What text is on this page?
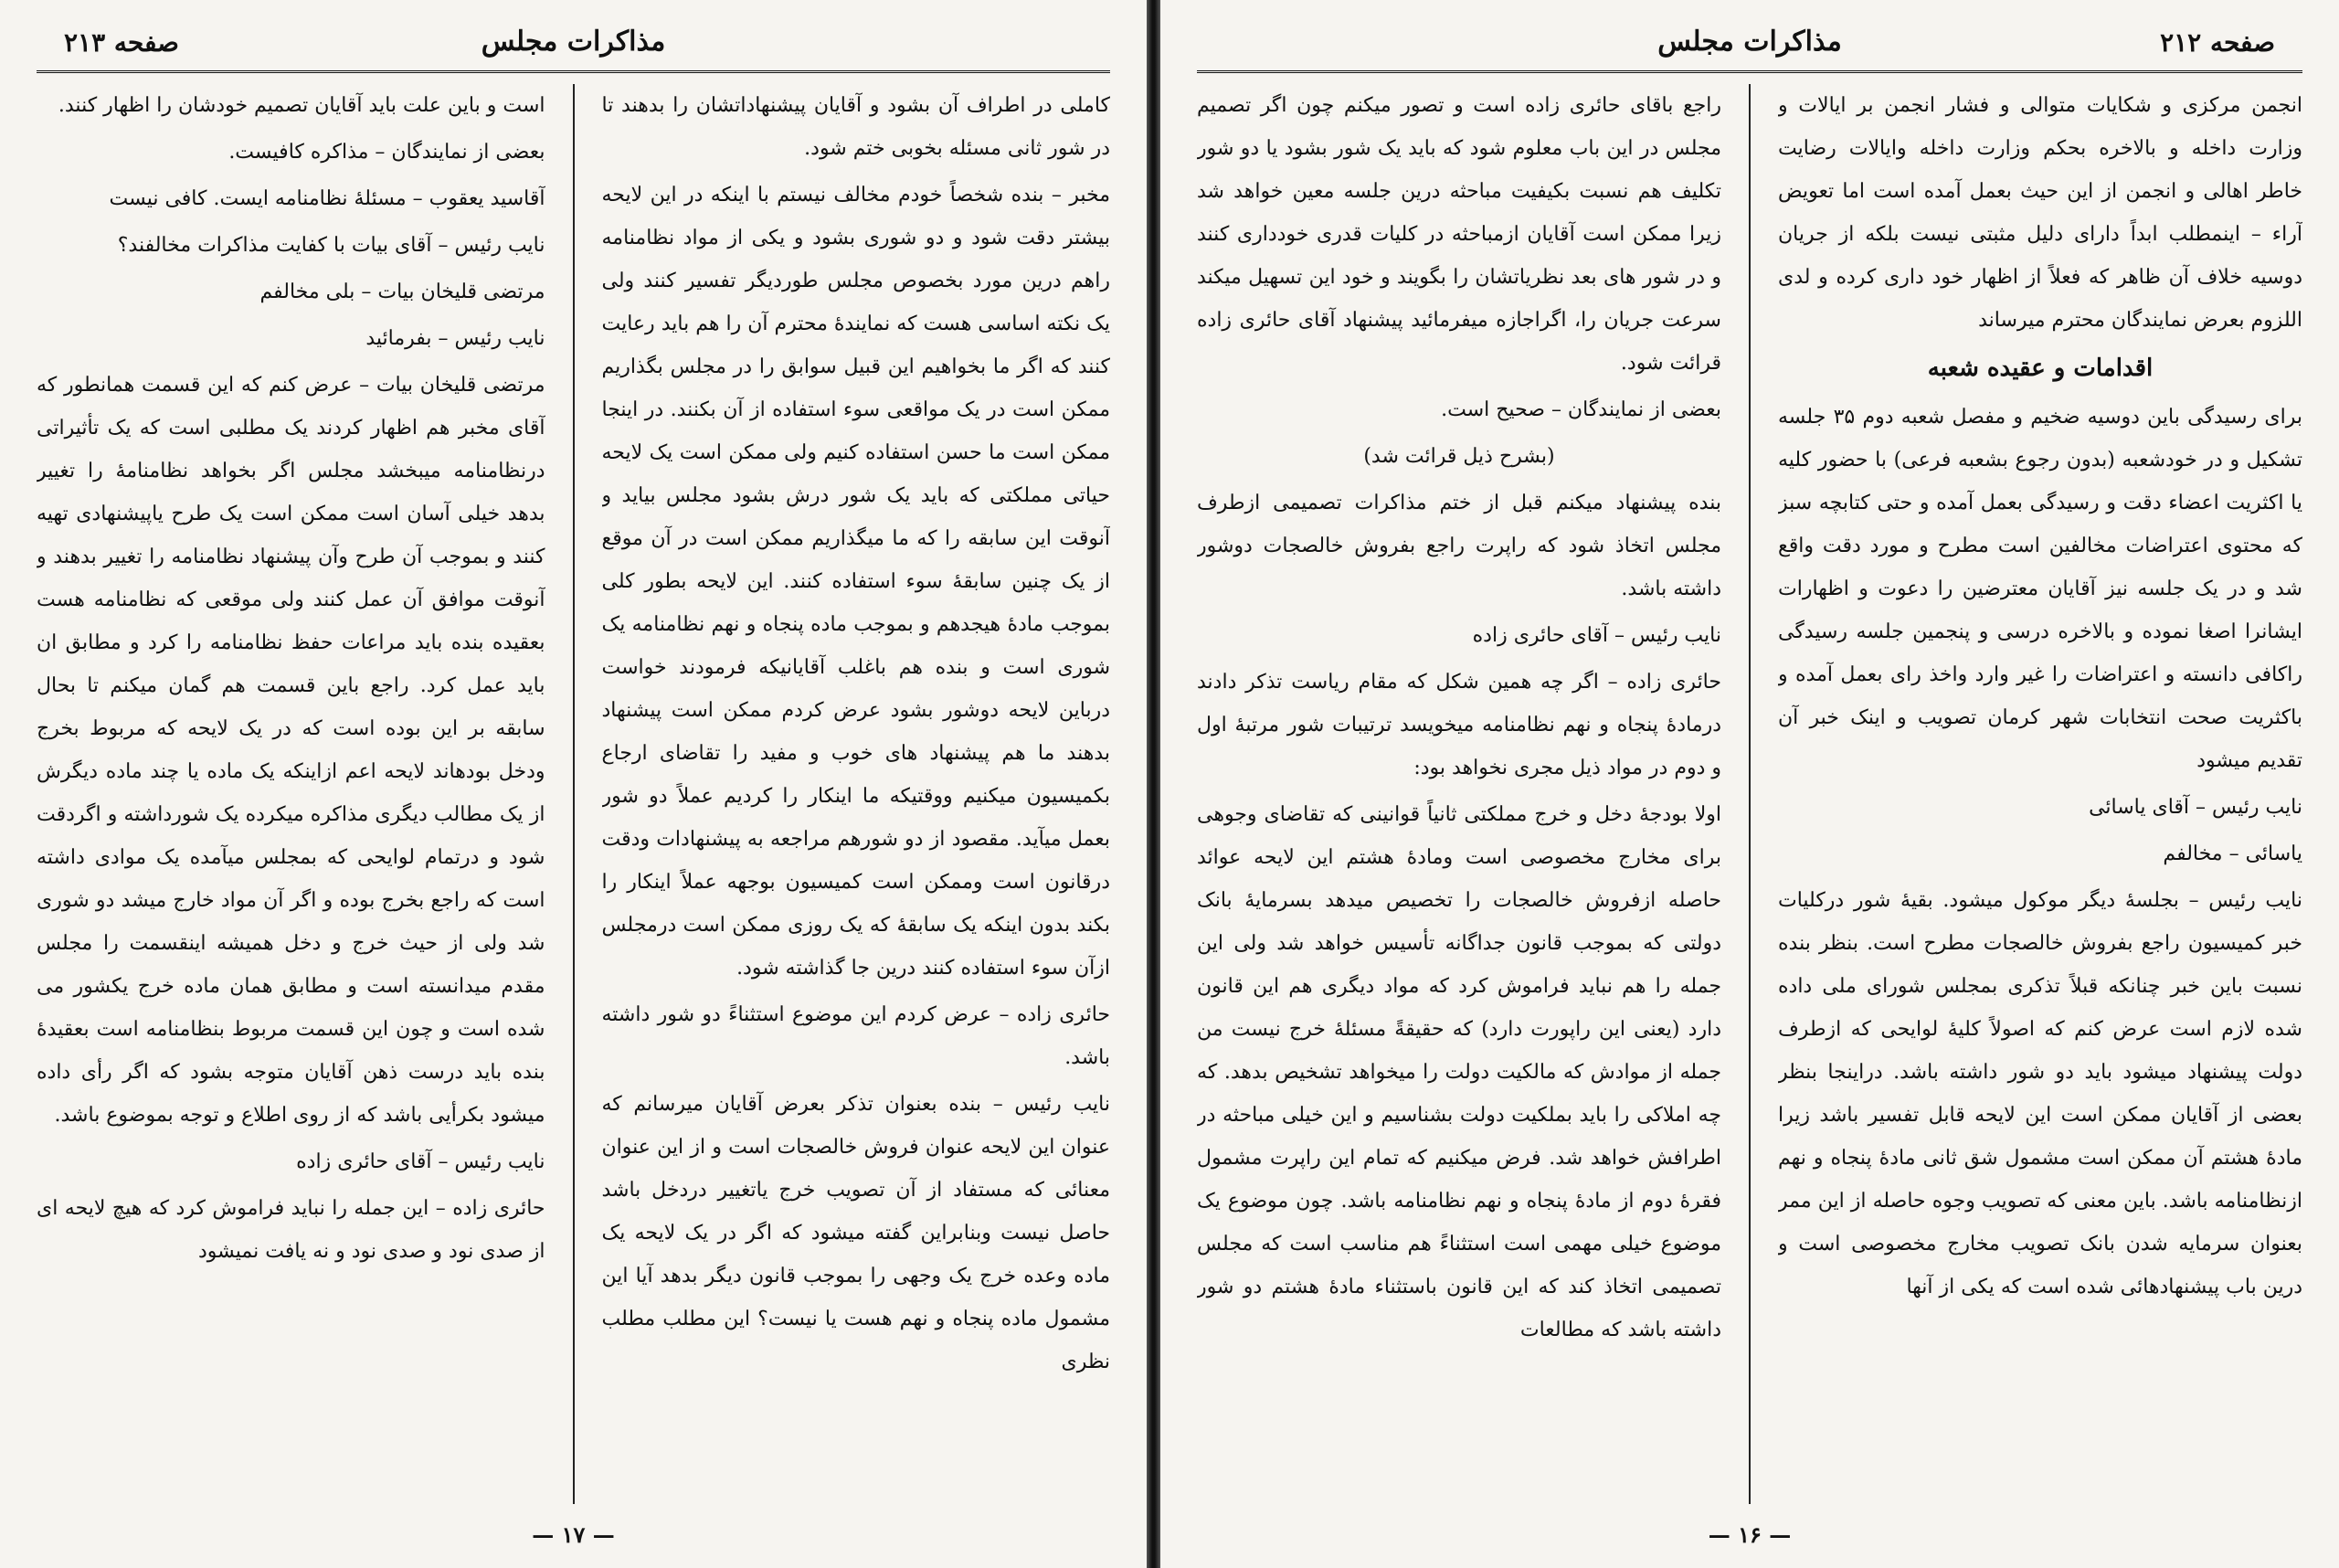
مذاکرات مجلس
صفحه ۲۱۳
کاملی در اطراف آن بشود و آقایان پیشنهاداتشان را بدهند تا در شور ثانی مسئله بخوبی ختم شود.
مخبر – بنده شخصاً خودم مخالف نیستم با اینکه در این لایحه بیشتر دقت شود و دو شوری بشود و یکی از مواد نظامنامه راهم درین مورد بخصوص مجلس طوردیگر تفسیر کنند ولی یک نکته اساسی هست که نمایندهٔ محترم آن را هم باید رعایت کنند که اگر ما بخواهیم این قبیل سوابق را در مجلس بگذاریم ممکن است در یک مواقعی سوء استفاده از آن بکنند. در اینجا ممکن است ما حسن استفاده کنیم ولی ممکن است یک لایحه حیاتی مملکتی که باید یک شور درش بشود مجلس بیاید و آنوقت این سابقه را که ما میگذاریم ممکن است در آن موقع از یک چنین سابقهٔ سوء استفاده کنند. این لایحه بطور کلی بموجب مادهٔ هیجدهم و بموجب ماده پنجاه و نهم نظامنامه یک شوری است و بنده هم باغلب آقایانیکه فرمودند خواست درباین لایحه دوشور بشود عرض کردم ممکن است پیشنهاد بدهند ما هم پیشنهاد های خوب و مفید را تقاضای ارجاع بکمیسیون میکنیم ووقتیکه ما اینکار را کردیم عملاً دو شور بعمل میآید. مقصود از دو شورهم مراجعه به پیشنهادات ودقت درقانون است وممکن است کمیسیون بوجهه عملاً اینکار را بکند بدون اینکه یک سابقهٔ که یک روزی ممکن است درمجلس ازآن سوء استفاده کنند درین جا گذاشته شود.
حائری زاده – عرض کردم این موضوع استثناءً دو شور داشته باشد.
نایب رئیس – بنده بعنوان تذکر بعرض آقایان میرسانم که عنوان این لایحه عنوان فروش خالصجات است و از این عنوان معنائی که مستفاد از آن تصویب خرج یاتغییر دردخل باشد حاصل نیست وبنابراین گفته میشود که اگر در یک لایحه یک ماده وعده خرج یک وجهی را بموجب قانون دیگر بدهد آیا این مشمول ماده پنجاه و نهم هست یا نیست؟ این مطلب مطلب نظری
است و باین علت باید آقایان تصمیم خودشان را اظهار کنند.
بعضی از نمایندگان – مذاکره کافیست.
آقاسید یعقوب – مسئلهٔ نظامنامه ایست. کافی نیست
نایب رئیس – آقای بیات با کفایت مذاکرات مخالفند؟
مرتضی قلیخان بیات – بلی مخالفم
نایب رئیس – بفرمائید
مرتضی قلیخان بیات – عرض کنم که این قسمت همانطور که آقای مخبر هم اظهار کردند یک مطلبی است که یک تأثیراتی درنظامنامه میبخشد مجلس اگر بخواهد نظامنامهٔ را تغییر بدهد خیلی آسان است ممکن است یک طرح یاپیشنهادی تهیه کنند و بموجب آن طرح وآن پیشنهاد نظامنامه را تغییر بدهند و آنوقت موافق آن عمل کنند ولی موقعی که نظامنامه هست بعقیده بنده باید مراعات حفظ نظامنامه را کرد و مطابق ان باید عمل کرد. راجع باین قسمت هم گمان میکنم تا بحال سابقه بر این بوده است که در یک لایحه که مربوط بخرج ودخل بودهاند لایحه اعم ازاینکه یک ماده یا چند ماده دیگرش از یک مطالب دیگری مذاکره میکرده یک شورداشته و اگردقت شود و درتمام لوایحی که بمجلس میآمده یک موادی داشته است که راجع بخرج بوده و اگر آن مواد خارج میشد دو شوری شد ولی از حیث خرج و دخل همیشه اینقسمت را مجلس مقدم میدانسته است و مطابق همان ماده خرج یکشور می شده است و چون این قسمت مربوط بنظامنامه است بعقیدهٔ بنده باید درست ذهن آقایان متوجه بشود که اگر رأی داده میشود بکرأیی باشد که از روی اطلاع و توجه بموضوع باشد.
نایب رئیس – آقای حائری زاده
حائری زاده – این جمله را نباید فراموش کرد که هیچ لایحه ای از صدی نود و صدی نود و نه یافت نمیشود
— ۱۷ —
مذاکرات مجلس	صفحه ۲۱۲
انجمن مرکزی و شکایات متوالی و فشار انجمن بر ایالات و وزارت داخله و بالاخره بحکم وزارت داخله وایالات رضایت خاطر اهالی و انجمن از این حیث بعمل آمده است اما تعویض آراء – اینمطلب ابداً دارای دلیل مثبتی نیست بلکه از جریان دوسیه خلاف آن ظاهر که فعلاً از اظهار خود داری کرده و لدی اللزوم بعرض نمایندگان محترم میرساند
اقدامات و عقیده شعبه
برای رسیدگی باین دوسیه ضخیم و مفصل شعبه دوم ۳۵ جلسه تشکیل و در خودشعبه (بدون رجوع بشعبه فرعی) با حضور کلیه یا اکثریت اعضاء دقت و رسیدگی بعمل آمده و حتی کتابچه سبز که محتوی اعتراضات مخالفین است مطرح و مورد دقت واقع شد و در یک جلسه نیز آقایان معترضین را دعوت و اظهارات ایشانرا اصغا نموده و بالاخره درسی و پنجمین جلسه رسیدگی راکافی دانسته و اعتراضات را غیر وارد واخذ رای بعمل آمده و باکثریت صحت انتخابات شهر کرمان تصویب و اینک خبر آن تقدیم میشود
نایب رئیس – آقای یاسائی
یاسائی – مخالفم
نایب رئیس – بجلسهٔ دیگر موکول میشود. بقیهٔ شور درکلیات خبر کمیسیون راجع بفروش خالصجات مطرح است. بنظر بنده نسبت باین خبر چنانکه قبلاً تذکری بمجلس شورای ملی داده شده لازم است عرض کنم که اصولاً کلیهٔ لوایحی که ازطرف دولت پیشنهاد میشود باید دو شور داشته باشد. دراینجا بنظر بعضی از آقایان ممکن است این لایحه قابل تفسیر باشد زیرا مادهٔ هشتم آن ممکن است مشمول شق ثانی مادهٔ پنجاه و نهم ازنظامنامه باشد. باین معنی که تصویب وجوه حاصله از این ممر بعنوان سرمایه شدن بانک تصویب مخارج مخصوصی است و درین باب پیشنهادهائی شده است که یکی از آنها
راجع باقای حائری زاده است و تصور میکنم چون اگر تصمیم مجلس در این باب معلوم شود که باید یک شور بشود یا دو شور تکلیف هم نسبت بکیفیت مباحثه درین جلسه معین خواهد شد زیرا ممکن است آقایان ازمباحثه در کلیات قدری خودداری کنند و در شور های بعد نظریاتشان را بگویند و خود این تسهیل میکند سرعت جریان را، اگراجازه میفرمائید پیشنهاد آقای حائری زاده قرائت شود.
بعضی از نمایندگان – صحیح است.
(بشرح ذیل قرائت شد)
بنده پیشنهاد میکنم قبل از ختم مذاکرات تصمیمی ازطرف مجلس اتخاذ شود که راپرت راجع بفروش خالصجات دوشور داشته باشد.
نایب رئیس – آقای حائری زاده
حائری زاده – اگر چه همین شکل که مقام ریاست تذکر دادند درمادهٔ پنجاه و نهم نظامنامه میخویسد ترتیبات شور مرتبهٔ اول و دوم در مواد ذیل مجری نخواهد بود:
اولا بودجهٔ دخل و خرج مملکتی ثانیاً قوانینی که تقاضای وجوهی برای مخارج مخصوصی است ومادهٔ هشتم این لایحه عوائد حاصله ازفروش خالصجات را تخصیص میدهد بسرمایهٔ بانک دولتی که بموجب قانون جداگانه تأسیس خواهد شد ولی این جمله را هم نباید فراموش کرد که مواد دیگری هم این قانون دارد (یعنی این راپورت دارد) که حقیقةً مسئلهٔ خرج نیست من جمله از موادش که مالکیت دولت را میخواهد تشخیص بدهد. که چه املاکی را باید بملکیت دولت بشناسیم و این خیلی مباحثه در اطرافش خواهد شد. فرض میکنیم که تمام این راپرت مشمول فقرهٔ دوم از مادهٔ پنجاه و نهم نظامنامه باشد. چون موضوع یک موضوع خیلی مهمی است استثناءً هم مناسب است که مجلس تصمیمی اتخاذ کند که این قانون باستثناء مادهٔ هشتم دو شور داشته باشد که مطالعات
— ۱۶ —
